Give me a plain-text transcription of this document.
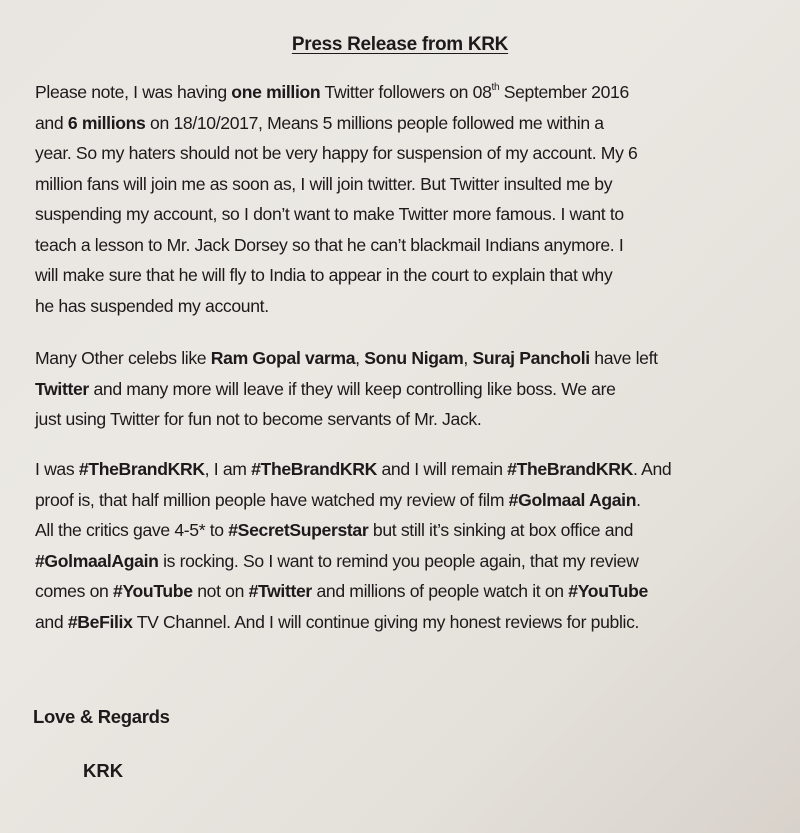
Press Release from KRK
Please note, I was having one million Twitter followers on 08th September 2016
and 6 millions on 18/10/2017, Means 5 millions people followed me within a
year. So my haters should not be very happy for suspension of my account. My 6
million fans will join me as soon as, I will join twitter. But Twitter insulted me by
suspending my account, so I don’t want to make Twitter more famous. I want to
teach a lesson to Mr. Jack Dorsey so that he can’t blackmail Indians anymore. I
will make sure that he will fly to India to appear in the court to explain that why
he has suspended my account.
Many Other celebs like Ram Gopal varma, Sonu Nigam, Suraj Pancholi have left
Twitter and many more will leave if they will keep controlling like boss. We are
just using Twitter for fun not to become servants of Mr. Jack.
I was #TheBrandKRK, I am #TheBrandKRK and I will remain #TheBrandKRK. And
proof is, that half million people have watched my review of film #Golmaal Again.
All the critics gave 4-5* to #SecretSuperstar but still it’s sinking at box office and
#GolmaalAgain is rocking. So I want to remind you people again, that my review
comes on #YouTube not on #Twitter and millions of people watch it on #YouTube
and #BeFilix TV Channel. And I will continue giving my honest reviews for public.
Love & Regards
KRK
